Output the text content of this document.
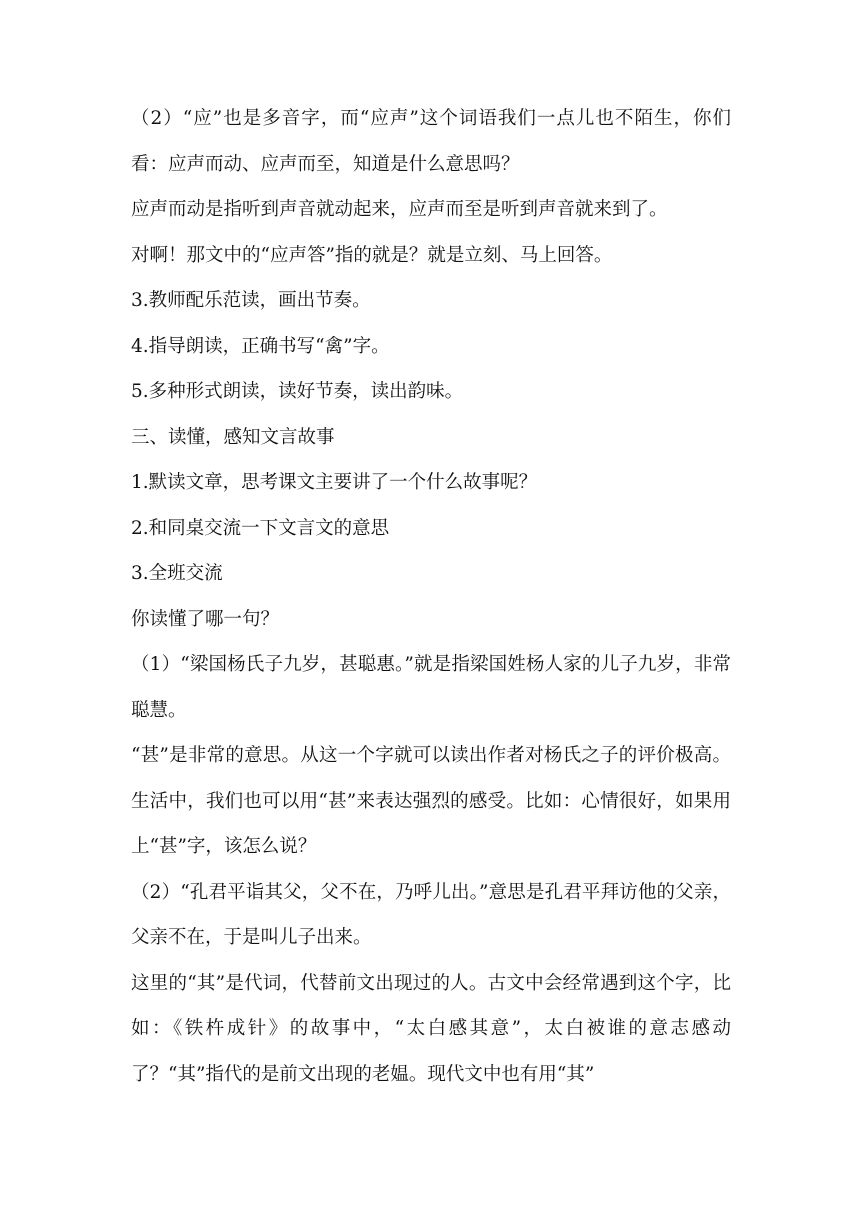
（2）“应”也是多音字，而“应声”这个词语我们一点儿也不陌生，你们看：应声而动、应声而至，知道是什么意思吗？

应声而动是指听到声音就动起来，应声而至是听到声音就来到了。

对啊！那文中的“应声答”指的就是？就是立刻、马上回答。

3.教师配乐范读，画出节奏。

4.指导朗读，正确书写“禽”字。

5.多种形式朗读，读好节奏，读出韵味。

三、读懂，感知文言故事

1.默读文章，思考课文主要讲了一个什么故事呢？

2.和同桌交流一下文言文的意思

3.全班交流

你读懂了哪一句？

（1）“梁国杨氏子九岁，甚聪惠。”就是指梁国姓杨人家的儿子九岁，非常聪慧。

“甚”是非常的意思。从这一个字就可以读出作者对杨氏之子的评价极高。生活中，我们也可以用“甚”来表达强烈的感受。比如：心情很好，如果用上“甚”字，该怎么说？

（2）“孔君平诣其父，父不在，乃呼儿出。”意思是孔君平拜访他的父亲，父亲不在，于是叫儿子出来。

这里的“其”是代词，代替前文出现过的人。古文中会经常遇到这个字，比如：《铁杵成针》的故事中，“太白感其意”，太白被谁的意志感动了？“其”指代的是前文出现的老媪。现代文中也有用“其”
